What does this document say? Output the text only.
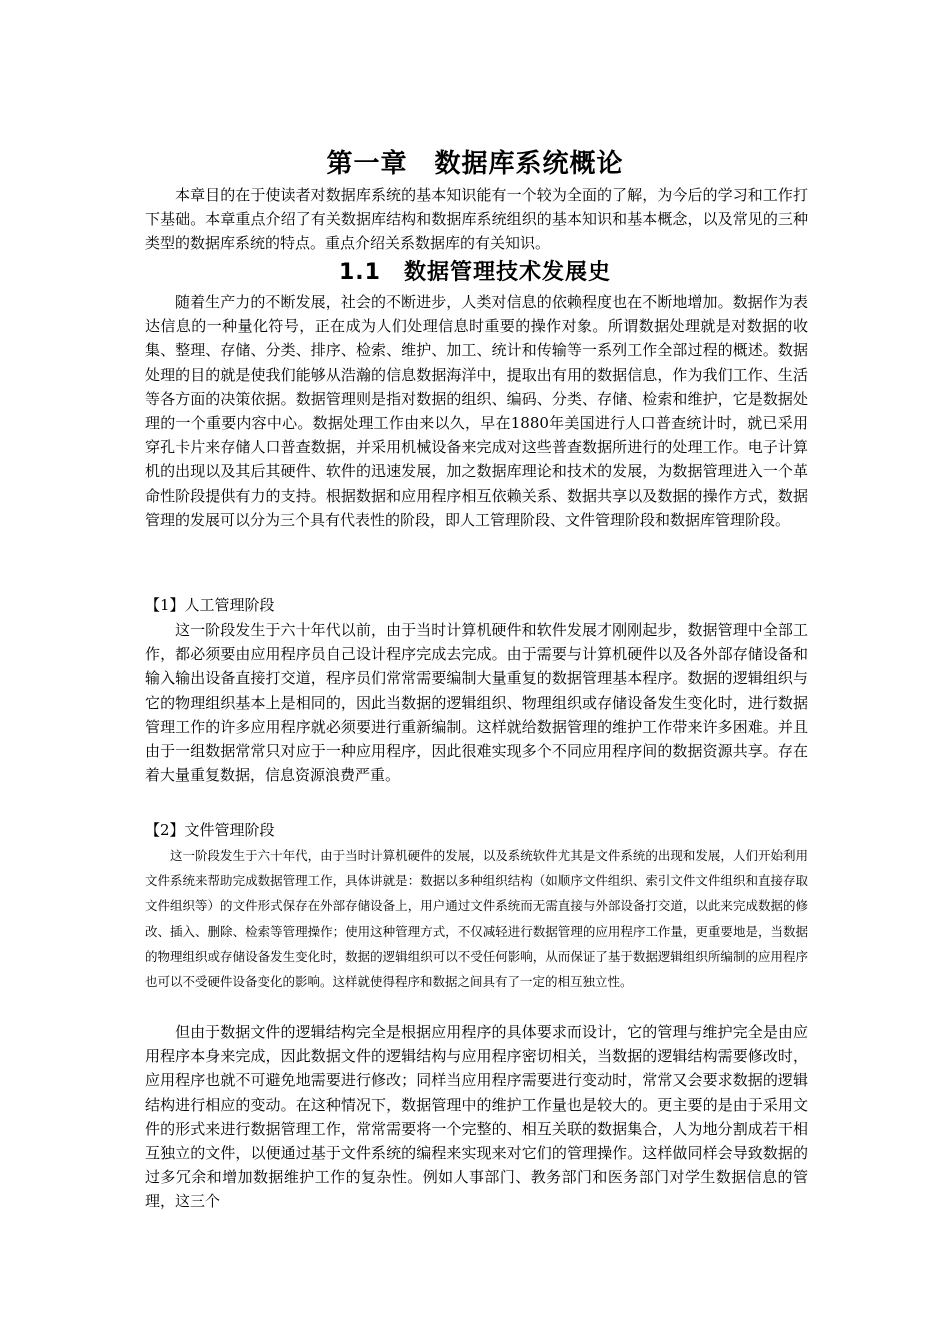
第一章　数据库系统概论

本章目的在于使读者对数据库系统的基本知识能有一个较为全面的了解，为今后的学习和工作打下基础。本章重点介绍了有关数据库结构和数据库系统组织的基本知识和基本概念，以及常见的三种类型的数据库系统的特点。重点介绍关系数据库的有关知识。

1.1　数据管理技术发展史

随着生产力的不断发展，社会的不断进步，人类对信息的依赖程度也在不断地增加。数据作为表达信息的一种量化符号，正在成为人们处理信息时重要的操作对象。所谓数据处理就是对数据的收集、整理、存储、分类、排序、检索、维护、加工、统计和传输等一系列工作全部过程的概述。数据处理的目的就是使我们能够从浩瀚的信息数据海洋中，提取出有用的数据信息，作为我们工作、生活等各方面的决策依据。数据管理则是指对数据的组织、编码、分类、存储、检索和维护，它是数据处理的一个重要内容中心。数据处理工作由来以久，早在1880年美国进行人口普查统计时，就已采用穿孔卡片来存储人口普查数据，并采用机械设备来完成对这些普查数据所进行的处理工作。电子计算机的出现以及其后其硬件、软件的迅速发展，加之数据库理论和技术的发展，为数据管理进入一个革命性阶段提供有力的支持。根据数据和应用程序相互依赖关系、数据共享以及数据的操作方式，数据管理的发展可以分为三个具有代表性的阶段，即人工管理阶段、文件管理阶段和数据库管理阶段。

【1】人工管理阶段

这一阶段发生于六十年代以前，由于当时计算机硬件和软件发展才刚刚起步，数据管理中全部工作，都必须要由应用程序员自己设计程序完成去完成。由于需要与计算机硬件以及各外部存储设备和输入输出设备直接打交道，程序员们常常需要编制大量重复的数据管理基本程序。数据的逻辑组织与它的物理组织基本上是相同的，因此当数据的逻辑组织、物理组织或存储设备发生变化时，进行数据管理工作的许多应用程序就必须要进行重新编制。这样就给数据管理的维护工作带来许多困难。并且由于一组数据常常只对应于一种应用程序，因此很难实现多个不同应用程序间的数据资源共享。存在着大量重复数据，信息资源浪费严重。

【2】文件管理阶段

这一阶段发生于六十年代，由于当时计算机硬件的发展，以及系统软件尤其是文件系统的出现和发展，人们开始利用文件系统来帮助完成数据管理工作，具体讲就是：数据以多种组织结构（如顺序文件组织、索引文件文件组织和直接存取文件组织等）的文件形式保存在外部存储设备上，用户通过文件系统而无需直接与外部设备打交道，以此来完成数据的修改、插入、删除、检索等管理操作；使用这种管理方式，不仅减轻进行数据管理的应用程序工作量，更重要地是，当数据的物理组织或存储设备发生变化时，数据的逻辑组织可以不受任何影响，从而保证了基于数据逻辑组织所编制的应用程序也可以不受硬件设备变化的影响。这样就使得程序和数据之间具有了一定的相互独立性。

但由于数据文件的逻辑结构完全是根据应用程序的具体要求而设计，它的管理与维护完全是由应用程序本身来完成，因此数据文件的逻辑结构与应用程序密切相关，当数据的逻辑结构需要修改时，应用程序也就不可避免地需要进行修改；同样当应用程序需要进行变动时，常常又会要求数据的逻辑结构进行相应的变动。在这种情况下，数据管理中的维护工作量也是较大的。更主要的是由于采用文件的形式来进行数据管理工作，常常需要将一个完整的、相互关联的数据集合，人为地分割成若干相互独立的文件，以便通过基于文件系统的编程来实现来对它们的管理操作。这样做同样会导致数据的过多冗余和增加数据维护工作的复杂性。例如人事部门、教务部门和医务部门对学生数据信息的管理，这三个
